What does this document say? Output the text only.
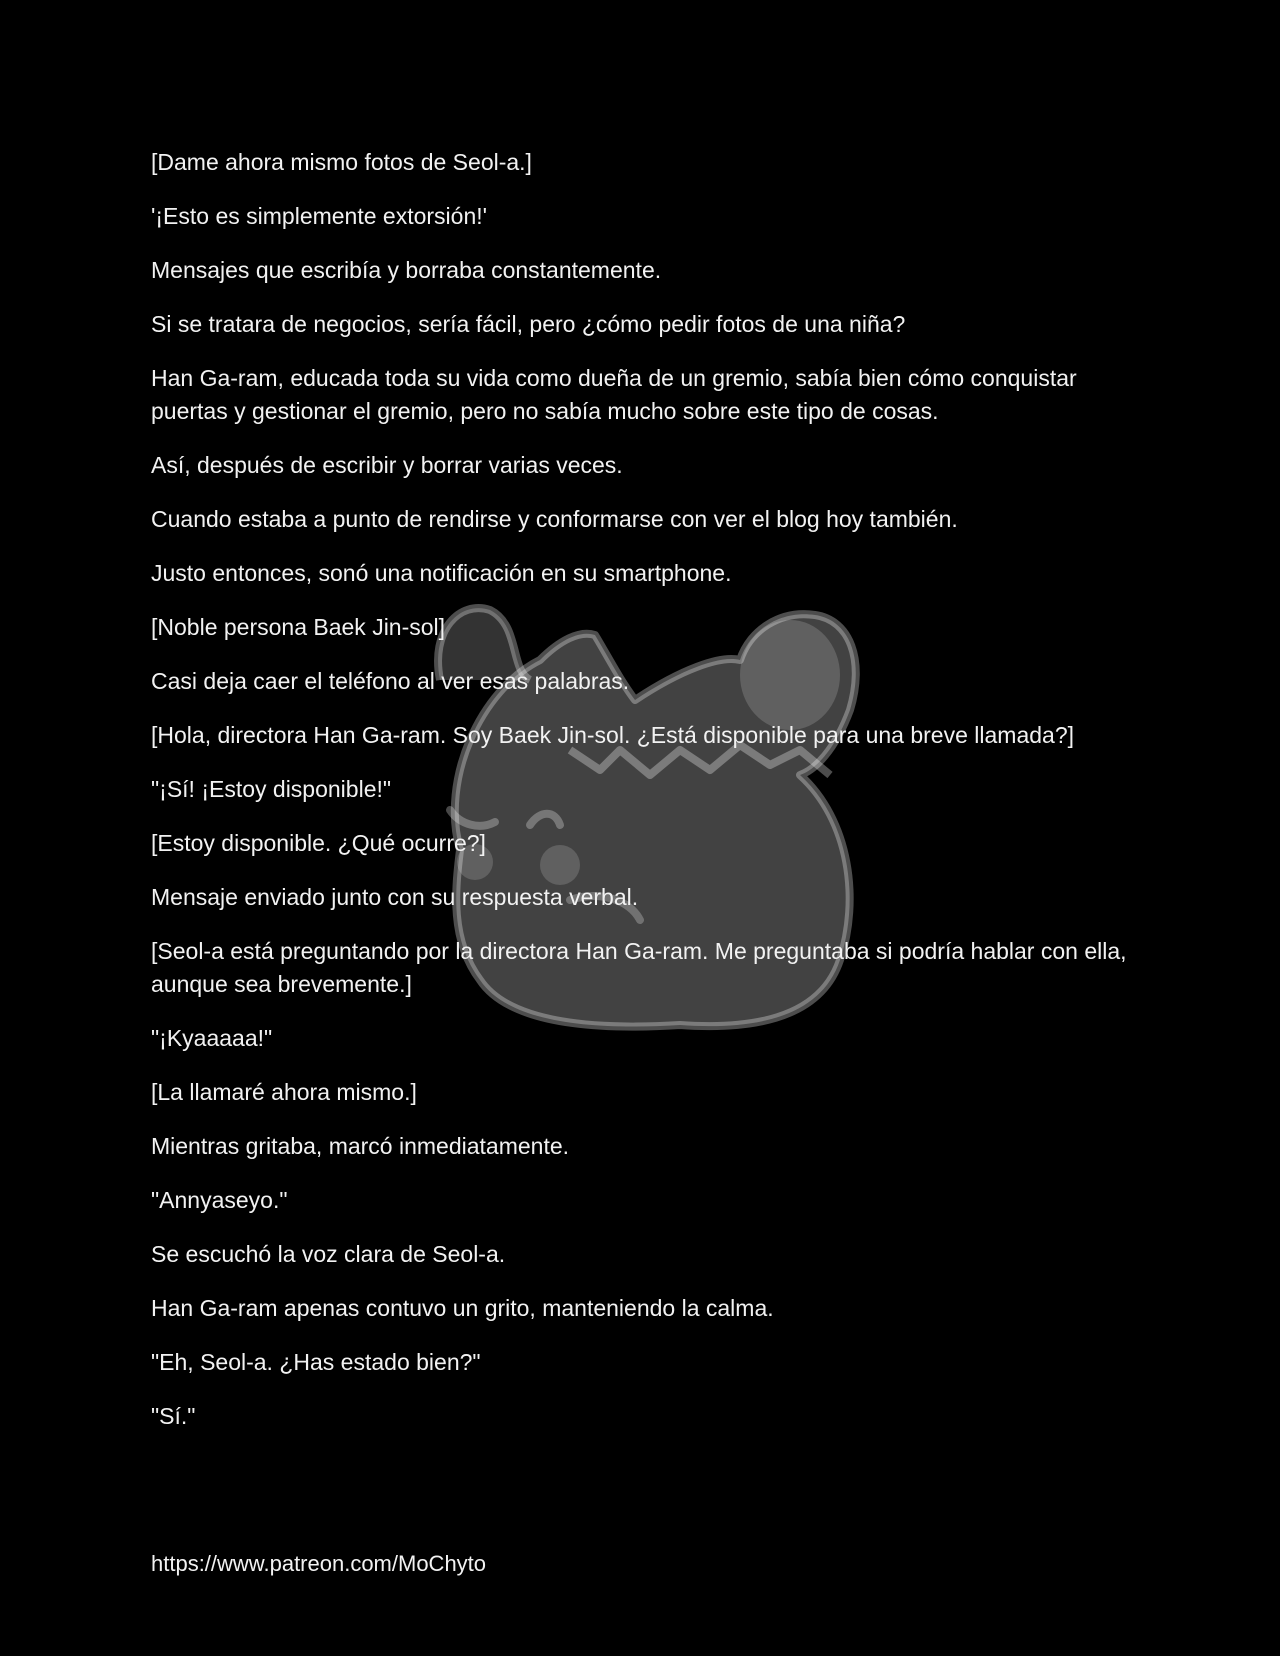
[Dame ahora mismo fotos de Seol-a.]

'¡Esto es simplemente extorsión!'

Mensajes que escribía y borraba constantemente.

Si se tratara de negocios, sería fácil, pero ¿cómo pedir fotos de una niña?

Han Ga-ram, educada toda su vida como dueña de un gremio, sabía bien cómo conquistar puertas y gestionar el gremio, pero no sabía mucho sobre este tipo de cosas.

Así, después de escribir y borrar varias veces.

Cuando estaba a punto de rendirse y conformarse con ver el blog hoy también.

Justo entonces, sonó una notificación en su smartphone.

[Noble persona Baek Jin-sol]

Casi deja caer el teléfono al ver esas palabras.

[Hola, directora Han Ga-ram. Soy Baek Jin-sol. ¿Está disponible para una breve llamada?]

"¡Sí! ¡Estoy disponible!"

[Estoy disponible. ¿Qué ocurre?]

Mensaje enviado junto con su respuesta verbal.

[Seol-a está preguntando por la directora Han Ga-ram. Me preguntaba si podría hablar con ella, aunque sea brevemente.]

"¡Kyaaaaa!"

[La llamaré ahora mismo.]

Mientras gritaba, marcó inmediatamente.

"Annyaseyo."

Se escuchó la voz clara de Seol-a.

Han Ga-ram apenas contuvo un grito, manteniendo la calma.

"Eh, Seol-a. ¿Has estado bien?"

"Sí."

https://www.patreon.com/MoChyto
